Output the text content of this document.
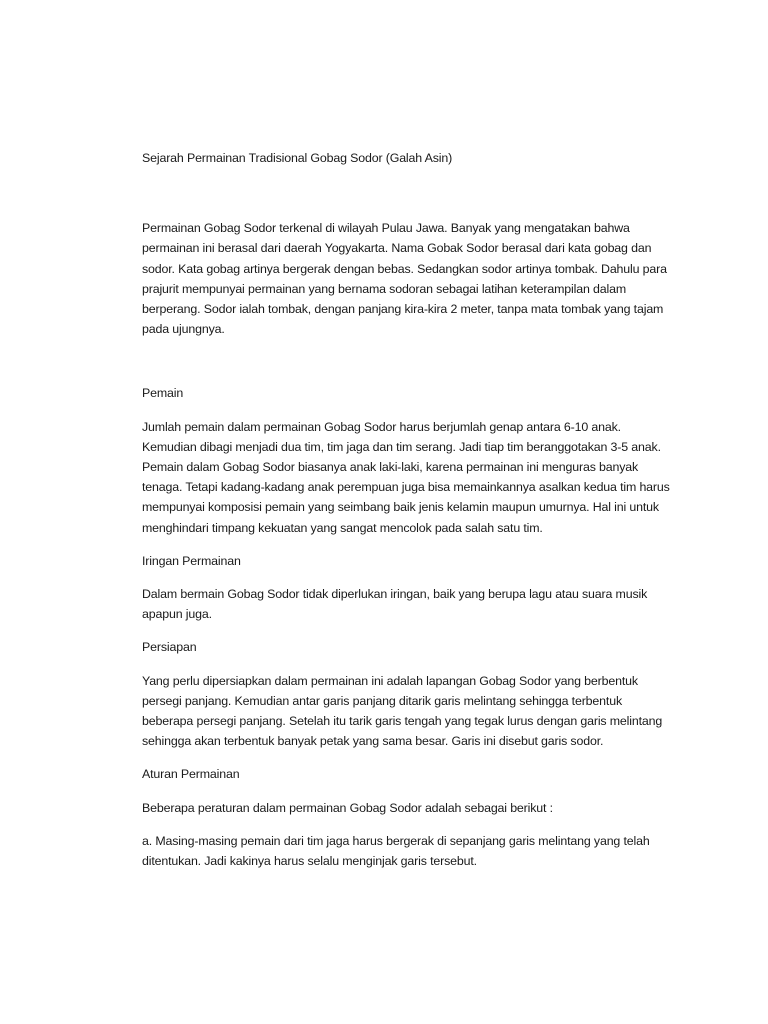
Sejarah Permainan Tradisional Gobag Sodor (Galah Asin)

Permainan Gobag Sodor terkenal di wilayah Pulau Jawa. Banyak yang mengatakan bahwa permainan ini berasal dari daerah Yogyakarta. Nama Gobak Sodor berasal dari kata gobag dan sodor. Kata gobag artinya bergerak dengan bebas. Sedangkan sodor artinya tombak. Dahulu para prajurit mempunyai permainan yang bernama sodoran sebagai latihan keterampilan dalam berperang. Sodor ialah tombak, dengan panjang kira-kira 2 meter, tanpa mata tombak yang tajam pada ujungnya.

Pemain

Jumlah pemain dalam permainan Gobag Sodor harus berjumlah genap antara 6-10 anak. Kemudian dibagi menjadi dua tim, tim jaga dan tim serang. Jadi tiap tim beranggotakan 3-5 anak. Pemain dalam Gobag Sodor biasanya anak laki-laki, karena permainan ini menguras banyak tenaga. Tetapi kadang-kadang anak perempuan juga bisa memainkannya asalkan kedua tim harus mempunyai komposisi pemain yang seimbang baik jenis kelamin maupun umurnya. Hal ini untuk menghindari timpang kekuatan yang sangat mencolok pada salah satu tim.

Iringan Permainan

Dalam bermain Gobag Sodor tidak diperlukan iringan, baik yang berupa lagu atau suara musik apapun juga.

Persiapan

Yang perlu dipersiapkan dalam permainan ini adalah lapangan Gobag Sodor yang berbentuk persegi panjang. Kemudian antar garis panjang ditarik garis melintang sehingga terbentuk beberapa persegi panjang. Setelah itu tarik garis tengah yang tegak lurus dengan garis melintang sehingga akan terbentuk banyak petak yang sama besar. Garis ini disebut garis sodor.

Aturan Permainan

Beberapa peraturan dalam permainan Gobag Sodor adalah sebagai berikut :

a. Masing-masing pemain dari tim jaga harus bergerak di sepanjang garis melintang yang telah ditentukan. Jadi kakinya harus selalu menginjak garis tersebut.
